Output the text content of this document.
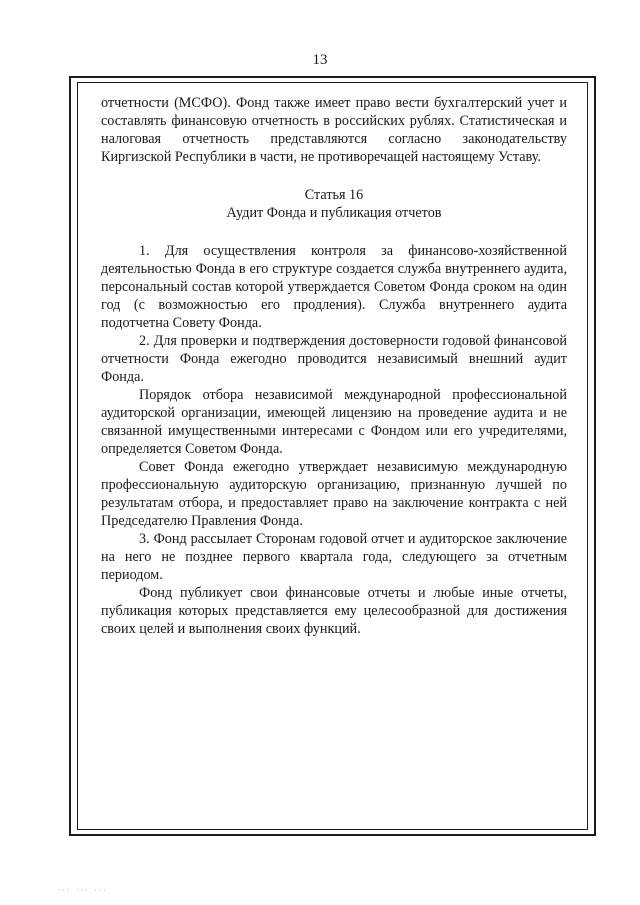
13

отчетности (МСФО). Фонд также имеет право вести бухгалтерский учет и составлять финансовую отчетность в российских рублях. Статистическая и налоговая отчетность представляются согласно законодательству Киргизской Республики в части, не противоречащей настоящему Уставу.

Статья 16

Аудит Фонда и публикация отчетов

1. Для осуществления контроля за финансово-хозяйственной деятельностью Фонда в его структуре создается служба внутреннего аудита, персональный состав которой утверждается Советом Фонда сроком на один год (с возможностью его продления). Служба внутреннего аудита подотчетна Совету Фонда.

2. Для проверки и подтверждения достоверности годовой финансовой отчетности Фонда ежегодно проводится независимый внешний аудит Фонда.

Порядок отбора независимой международной профессиональной аудиторской организации, имеющей лицензию на проведение аудита и не связанной имущественными интересами с Фондом или его учредителями, определяется Советом Фонда.

Совет Фонда ежегодно утверждает независимую международную профессиональную аудиторскую организацию, признанную лучшей по результатам отбора, и предоставляет право на заключение контракта с ней Председателю Правления Фонда.

3. Фонд рассылает Сторонам годовой отчет и аудиторское заключение на него не позднее первого квартала года, следующего за отчетным периодом.

Фонд публикует свои финансовые отчеты и любые иные отчеты, публикация которых представляется ему целесообразной для достижения своих целей и выполнения своих функций.

··· ··· ···
